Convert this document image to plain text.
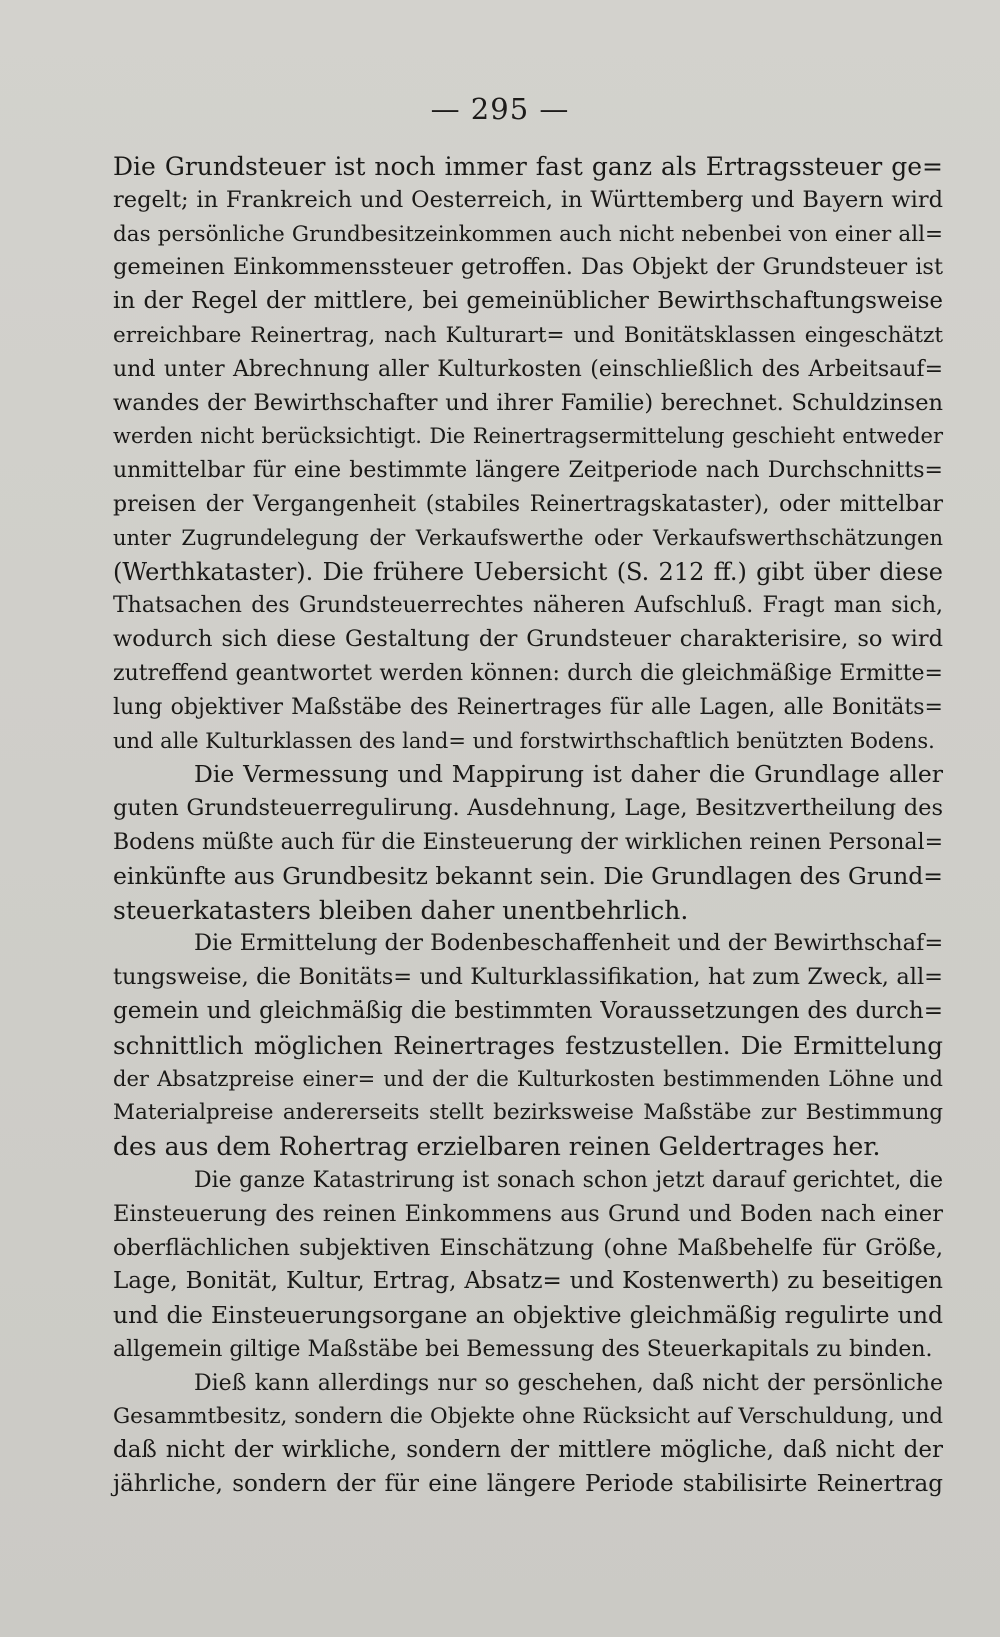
— 295 —
Die Grundsteuer ist noch immer fast ganz als Ertragssteuer ge=
regelt; in Frankreich und Oesterreich, in Württemberg und Bayern wird
das persönliche Grundbesitzeinkommen auch nicht nebenbei von einer all=
gemeinen Einkommenssteuer getroffen. Das Objekt der Grundsteuer ist
in der Regel der mittlere, bei gemeinüblicher Bewirthschaftungsweise
erreichbare Reinertrag, nach Kulturart= und Bonitätsklassen eingeschätzt
und unter Abrechnung aller Kulturkosten (einschließlich des Arbeitsauf=
wandes der Bewirthschafter und ihrer Familie) berechnet. Schuldzinsen
werden nicht berücksichtigt. Die Reinertragsermittelung geschieht entweder
unmittelbar für eine bestimmte längere Zeitperiode nach Durchschnitts=
preisen der Vergangenheit (stabiles Reinertragskataster), oder mittelbar
unter Zugrundelegung der Verkaufswerthe oder Verkaufswerthschätzungen
(Werthkataster). Die frühere Uebersicht (S. 212 ff.) gibt über diese
Thatsachen des Grundsteuerrechtes näheren Aufschluß. Fragt man sich,
wodurch sich diese Gestaltung der Grundsteuer charakterisire, so wird
zutreffend geantwortet werden können: durch die gleichmäßige Ermitte=
lung objektiver Maßstäbe des Reinertrages für alle Lagen, alle Bonitäts=
und alle Kulturklassen des land= und forstwirthschaftlich benützten Bodens.
Die Vermessung und Mappirung ist daher die Grundlage aller
guten Grundsteuerregulirung. Ausdehnung, Lage, Besitzvertheilung des
Bodens müßte auch für die Einsteuerung der wirklichen reinen Personal=
einkünfte aus Grundbesitz bekannt sein. Die Grundlagen des Grund=
steuerkatasters bleiben daher unentbehrlich.
Die Ermittelung der Bodenbeschaffenheit und der Bewirthschaf=
tungsweise, die Bonitäts= und Kulturklassifikation, hat zum Zweck, all=
gemein und gleichmäßig die bestimmten Voraussetzungen des durch=
schnittlich möglichen Reinertrages festzustellen. Die Ermittelung
der Absatzpreise einer= und der die Kulturkosten bestimmenden Löhne und
Materialpreise andererseits stellt bezirksweise Maßstäbe zur Bestimmung
des aus dem Rohertrag erzielbaren reinen Geldertrages her.
Die ganze Katastrirung ist sonach schon jetzt darauf gerichtet, die
Einsteuerung des reinen Einkommens aus Grund und Boden nach einer
oberflächlichen subjektiven Einschätzung (ohne Maßbehelfe für Größe,
Lage, Bonität, Kultur, Ertrag, Absatz= und Kostenwerth) zu beseitigen
und die Einsteuerungsorgane an objektive gleichmäßig regulirte und
allgemein giltige Maßstäbe bei Bemessung des Steuerkapitals zu binden.
Dieß kann allerdings nur so geschehen, daß nicht der persönliche
Gesammtbesitz, sondern die Objekte ohne Rücksicht auf Verschuldung, und
daß nicht der wirkliche, sondern der mittlere mögliche, daß nicht der
jährliche, sondern der für eine längere Periode stabilisirte Reinertrag
